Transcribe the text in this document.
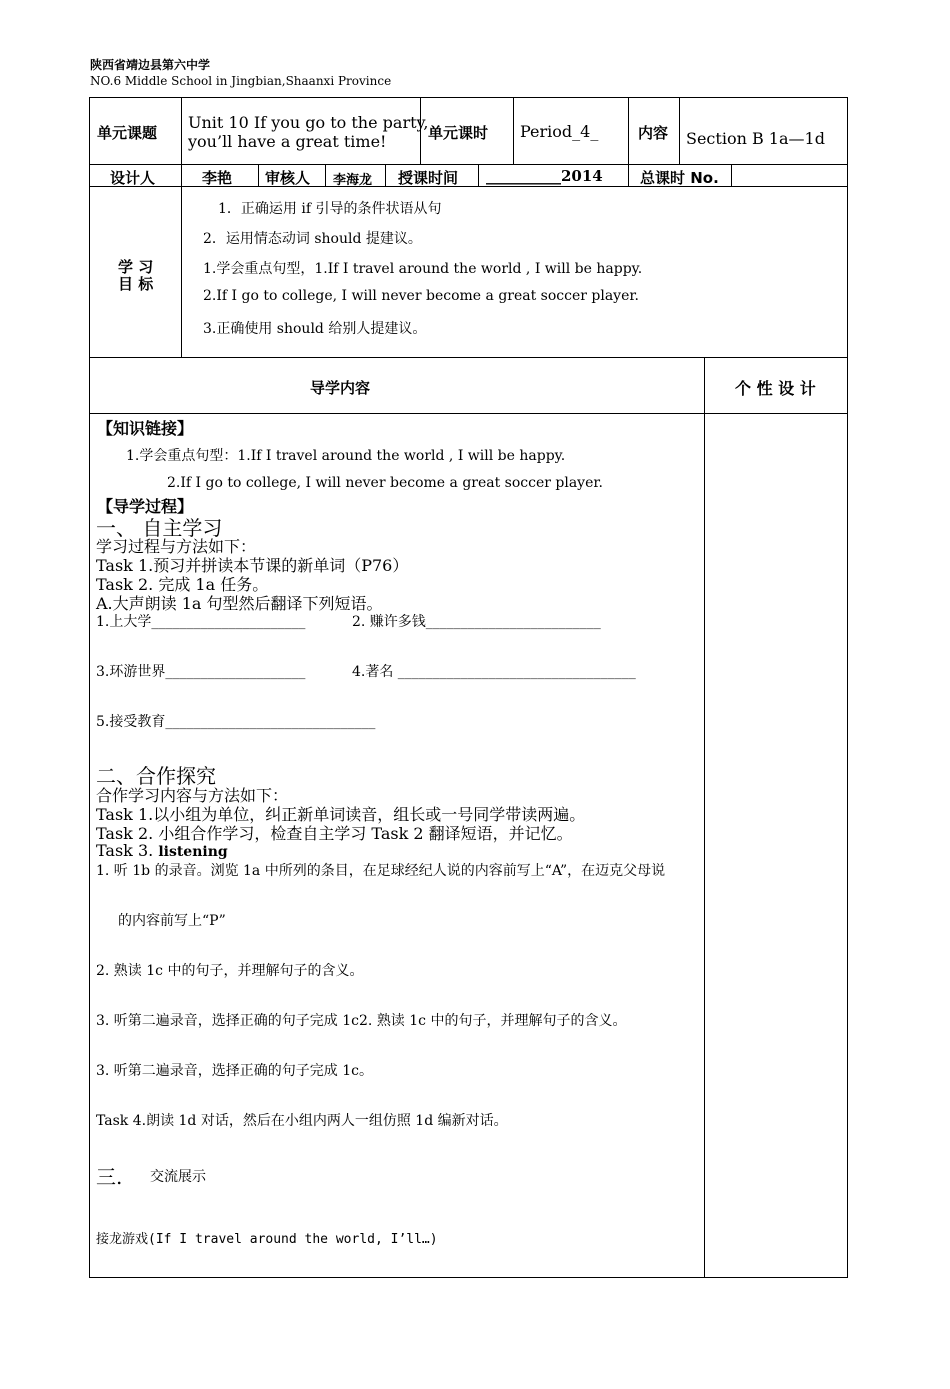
陕西省靖边县第六中学
NO.6 Middle School in Jingbian,Shaanxi Province
单元课题
Unit 10 If you go to the party,
you’ll have a great time!	单元课时 Period_4_	内容 Section B 1a—1d
设计人	李艳 审核人 李海龙 授课时间 __________2014 总课时 No.
学 习
目 标
1．正确运用 if 引导的条件状语从句
2．运用情态动词 should 提建议。
1.学会重点句型，1.If I travel around the world , I will be happy.
2.If I go to college, I will never become a great soccer player.
3.正确使用 should 给别人提建议。
导学内容	个 性 设 计
【知识链接】
1.学会重点句型：1.If I travel around the world , I will be happy.
2.If I go to college, I will never become a great soccer player.
【导学过程】
一、 自主学习
学习过程与方法如下：
Task 1.预习并拼读本节课的新单词（P76）
Task 2. 完成 1a 任务。
A.大声朗读 1a 句型然后翻译下列短语。
1.上大学______________________	2. 赚许多钱_________________________
3.环游世界____________________	4.著名 __________________________________
5.接受教育______________________________
二、合作探究
合作学习内容与方法如下：
Task 1.以小组为单位，纠正新单词读音，组长或一号同学带读两遍。
Task 2. 小组合作学习，检查自主学习 Task 2 翻译短语，并记忆。
Task 3. listening
1. 听 1b 的录音。浏览 1a 中所列的条目，在足球经纪人说的内容前写上“A”，在迈克父母说
的内容前写上“P”
2. 熟读 1c 中的句子，并理解句子的含义。
3. 听第二遍录音，选择正确的句子完成 1c2. 熟读 1c 中的句子，并理解句子的含义。
3. 听第二遍录音，选择正确的句子完成 1c。
Task 4.朗读 1d 对话，然后在小组内两人一组仿照 1d 编新对话。
三. 交流展示
接龙游戏(If I travel around the world, I’ll…)
